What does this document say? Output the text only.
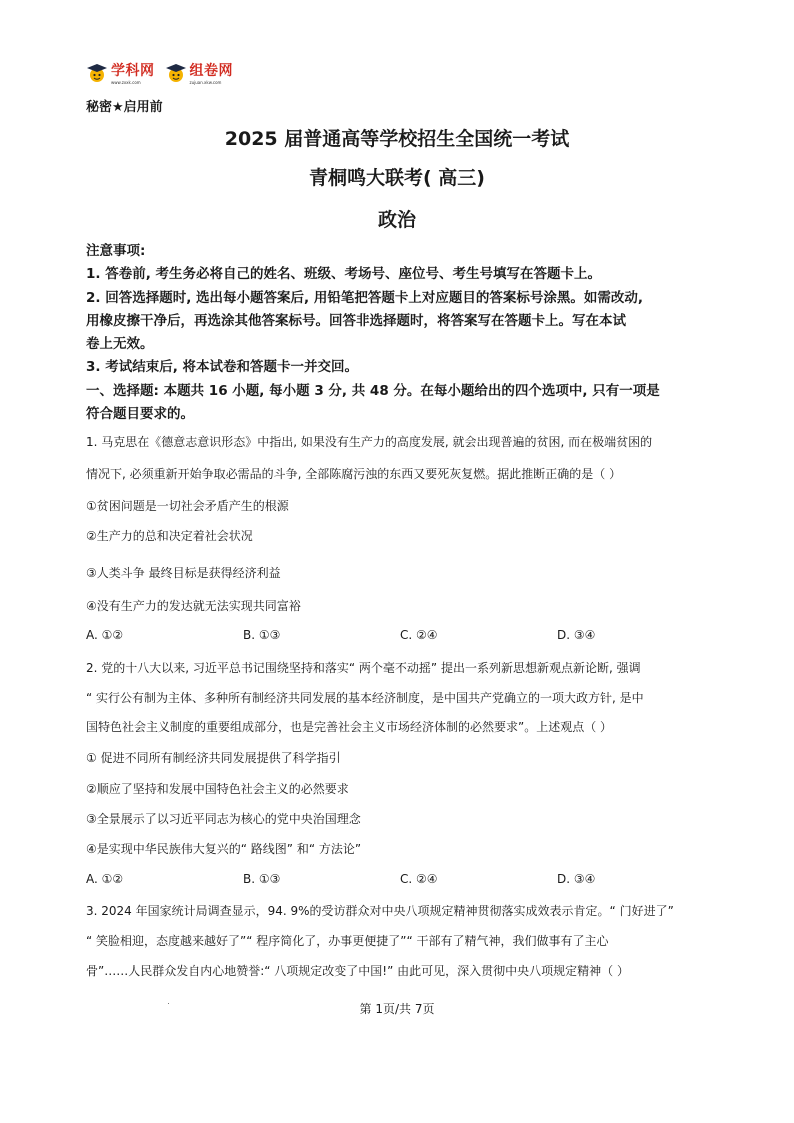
学科网
www.zxxk.com
组卷网
zujuan.xkw.com
秘密★启用前
2025 届普通高等学校招生全国统一考试
青桐鸣大联考( 高三)
政治
注意事项:
1. 答卷前, 考生务必将自己的姓名、班级、考场号、座位号、考生号填写在答题卡上。
2. 回答选择题时, 选出每小题答案后, 用铅笔把答题卡上对应题目的答案标号涂黑。如需改动,
用橡皮擦干净后，再选涂其他答案标号。回答非选择题时，将答案写在答题卡上。写在本试
卷上无效。
3. 考试结束后, 将本试卷和答题卡一并交回。
一、选择题: 本题共 16 小题, 每小题 3 分, 共 48 分。在每小题给出的四个选项中, 只有一项是
符合题目要求的。
1. 马克思在《德意志意识形态》中指出, 如果没有生产力的高度发展, 就会出现普遍的贫困, 而在极端贫困的
情况下, 必须重新开始争取必需品的斗争, 全部陈腐污浊的东西又要死灰复燃。据此推断正确的是（ ）
①贫困问题是一切社会矛盾产生的根源
②生产力的总和决定着社会状况
③人类斗争 最终目标是获得经济利益
④没有生产力的发达就无法实现共同富裕
A. ①②	B. ①③	C. ②④	D. ③④
2. 党的十八大以来, 习近平总书记围绕坚持和落实“ 两个毫不动摇” 提出一系列新思想新观点新论断, 强调
“ 实行公有制为主体、多种所有制经济共同发展的基本经济制度，是中国共产党确立的一项大政方针, 是中
国特色社会主义制度的重要组成部分，也是完善社会主义市场经济体制的必然要求”。上述观点（ ）
① 促进不同所有制经济共同发展提供了科学指引
②顺应了坚持和发展中国特色社会主义的必然要求
③全景展示了以习近平同志为核心的党中央治国理念
④是实现中华民族伟大复兴的“ 路线图” 和“ 方法论”
A. ①②	B. ①③	C. ②④	D. ③④
3. 2024 年国家统计局调查显示，94. 9%的受访群众对中央八项规定精神贯彻落实成效表示肯定。“ 门好进了”
“ 笑脸相迎，态度越来越好了”“ 程序简化了，办事更便捷了”“ 干部有了精气神，我们做事有了主心
骨”……人民群众发自内心地赞誉:“ 八项规定改变了中国!” 由此可见，深入贯彻中央八项规定精神（ ）
第 1页/共 7页
